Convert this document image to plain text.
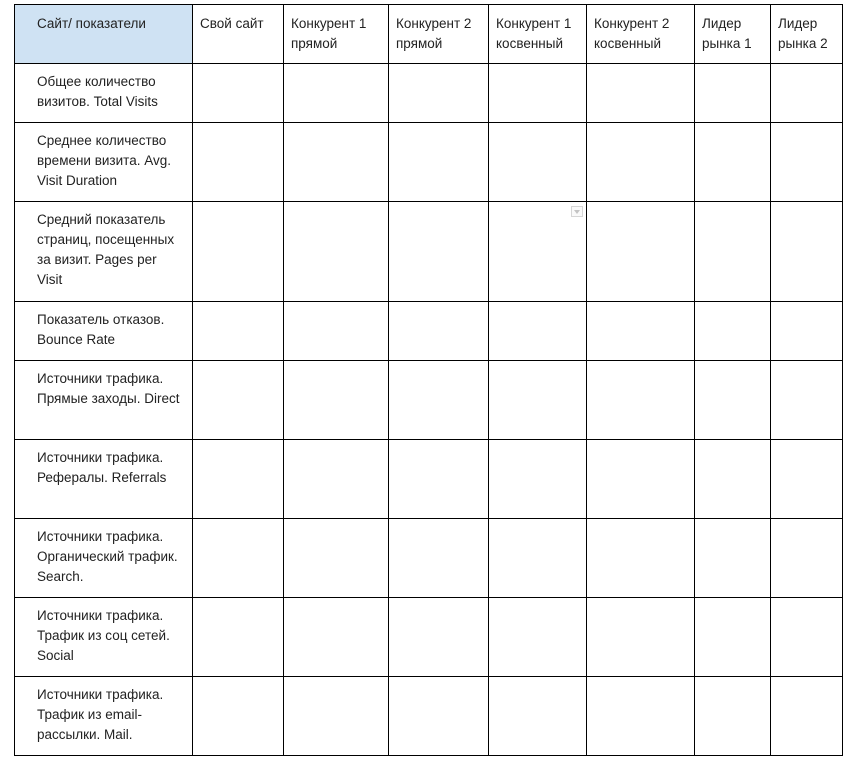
Сайт/ показатели	Свой сайт	Конкурент 1 прямой	Конкурент 2 прямой	Конкурент 1 косвенный	Конкурент 2 косвенный	Лидер рынка 1	Лидер рынка 2
Общее количество визитов. Total Visits							
Среднее количество времени визита. Avg. Visit Duration							
Средний показатель страниц, посещенных за визит. Pages per Visit				

Показатель отказов. Bounce Rate							
Источники трафика. Прямые заходы. Direct							
Источники трафика. Рефералы. Referrals							
Источники трафика. Органический трафик. Search.							
Источники трафика. Трафик из соц сетей. Social							
Источники трафика. Трафик из email-рассылки. Mail.							
